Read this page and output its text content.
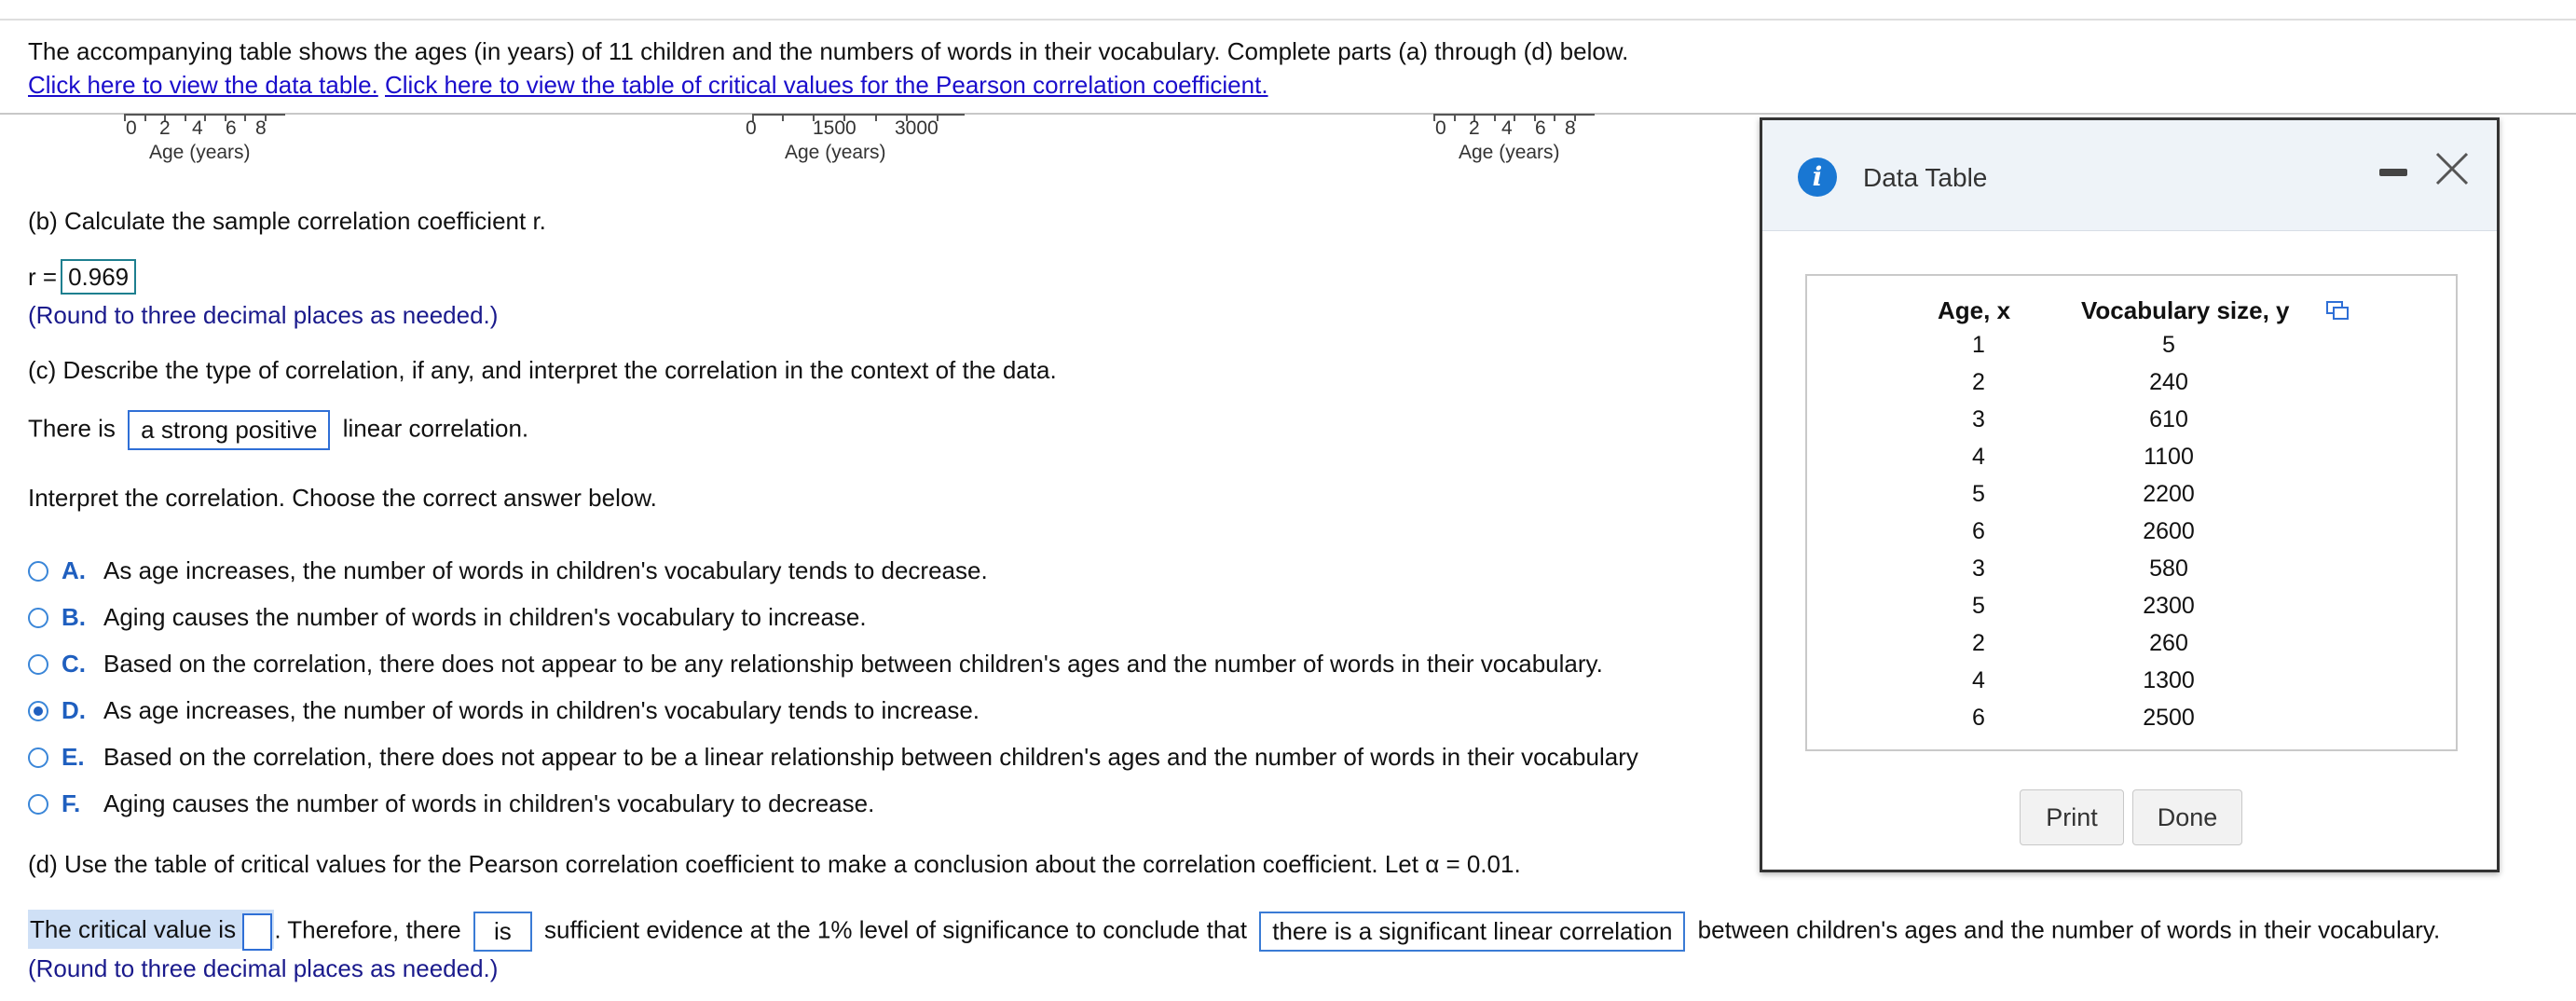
The accompanying table shows the ages (in years) of 11 children and the numbers of words in their vocabulary. Complete parts (a) through (d) below.
Click here to view the data table. Click here to view the table of critical values for the Pearson correlation coefficient.
0 2 4 6 8
Age (years)
0	1500 3000
Age (years)
0 2 4 6 8
Age (years)
(b) Calculate the sample correlation coefficient r.
r = 0.969
(Round to three decimal places as needed.)
(c) Describe the type of correlation, if any, and interpret the correlation in the context of the data.
There is a strong positive linear correlation.
Interpret the correlation. Choose the correct answer below.
A. As age increases, the number of words in children's vocabulary tends to decrease.
B. Aging causes the number of words in children's vocabulary to increase.
C. Based on the correlation, there does not appear to be any relationship between children's ages and the number of words in their vocabulary.
D. As age increases, the number of words in children's vocabulary tends to increase.
E. Based on the correlation, there does not appear to be a linear relationship between children's ages and the number of words in their vocabulary
F. Aging causes the number of words in children's vocabulary to decrease.
(d) Use the table of critical values for the Pearson correlation coefficient to make a conclusion about the correlation coefficient. Let α = 0.01.
The critical value is . Therefore, there is sufficient evidence at the 1% level of significance to conclude that there is a significant linear correlation between children's ages and the number of words in their vocabulary.
(Round to three decimal places as needed.)
i	Data Table
Age, x	Vocabulary size, y
1	5
2	240
3	610
4	1100
5	2200
6	2600
3	580
5	2300
2	260
4	1300
6	2500
Print	Done
